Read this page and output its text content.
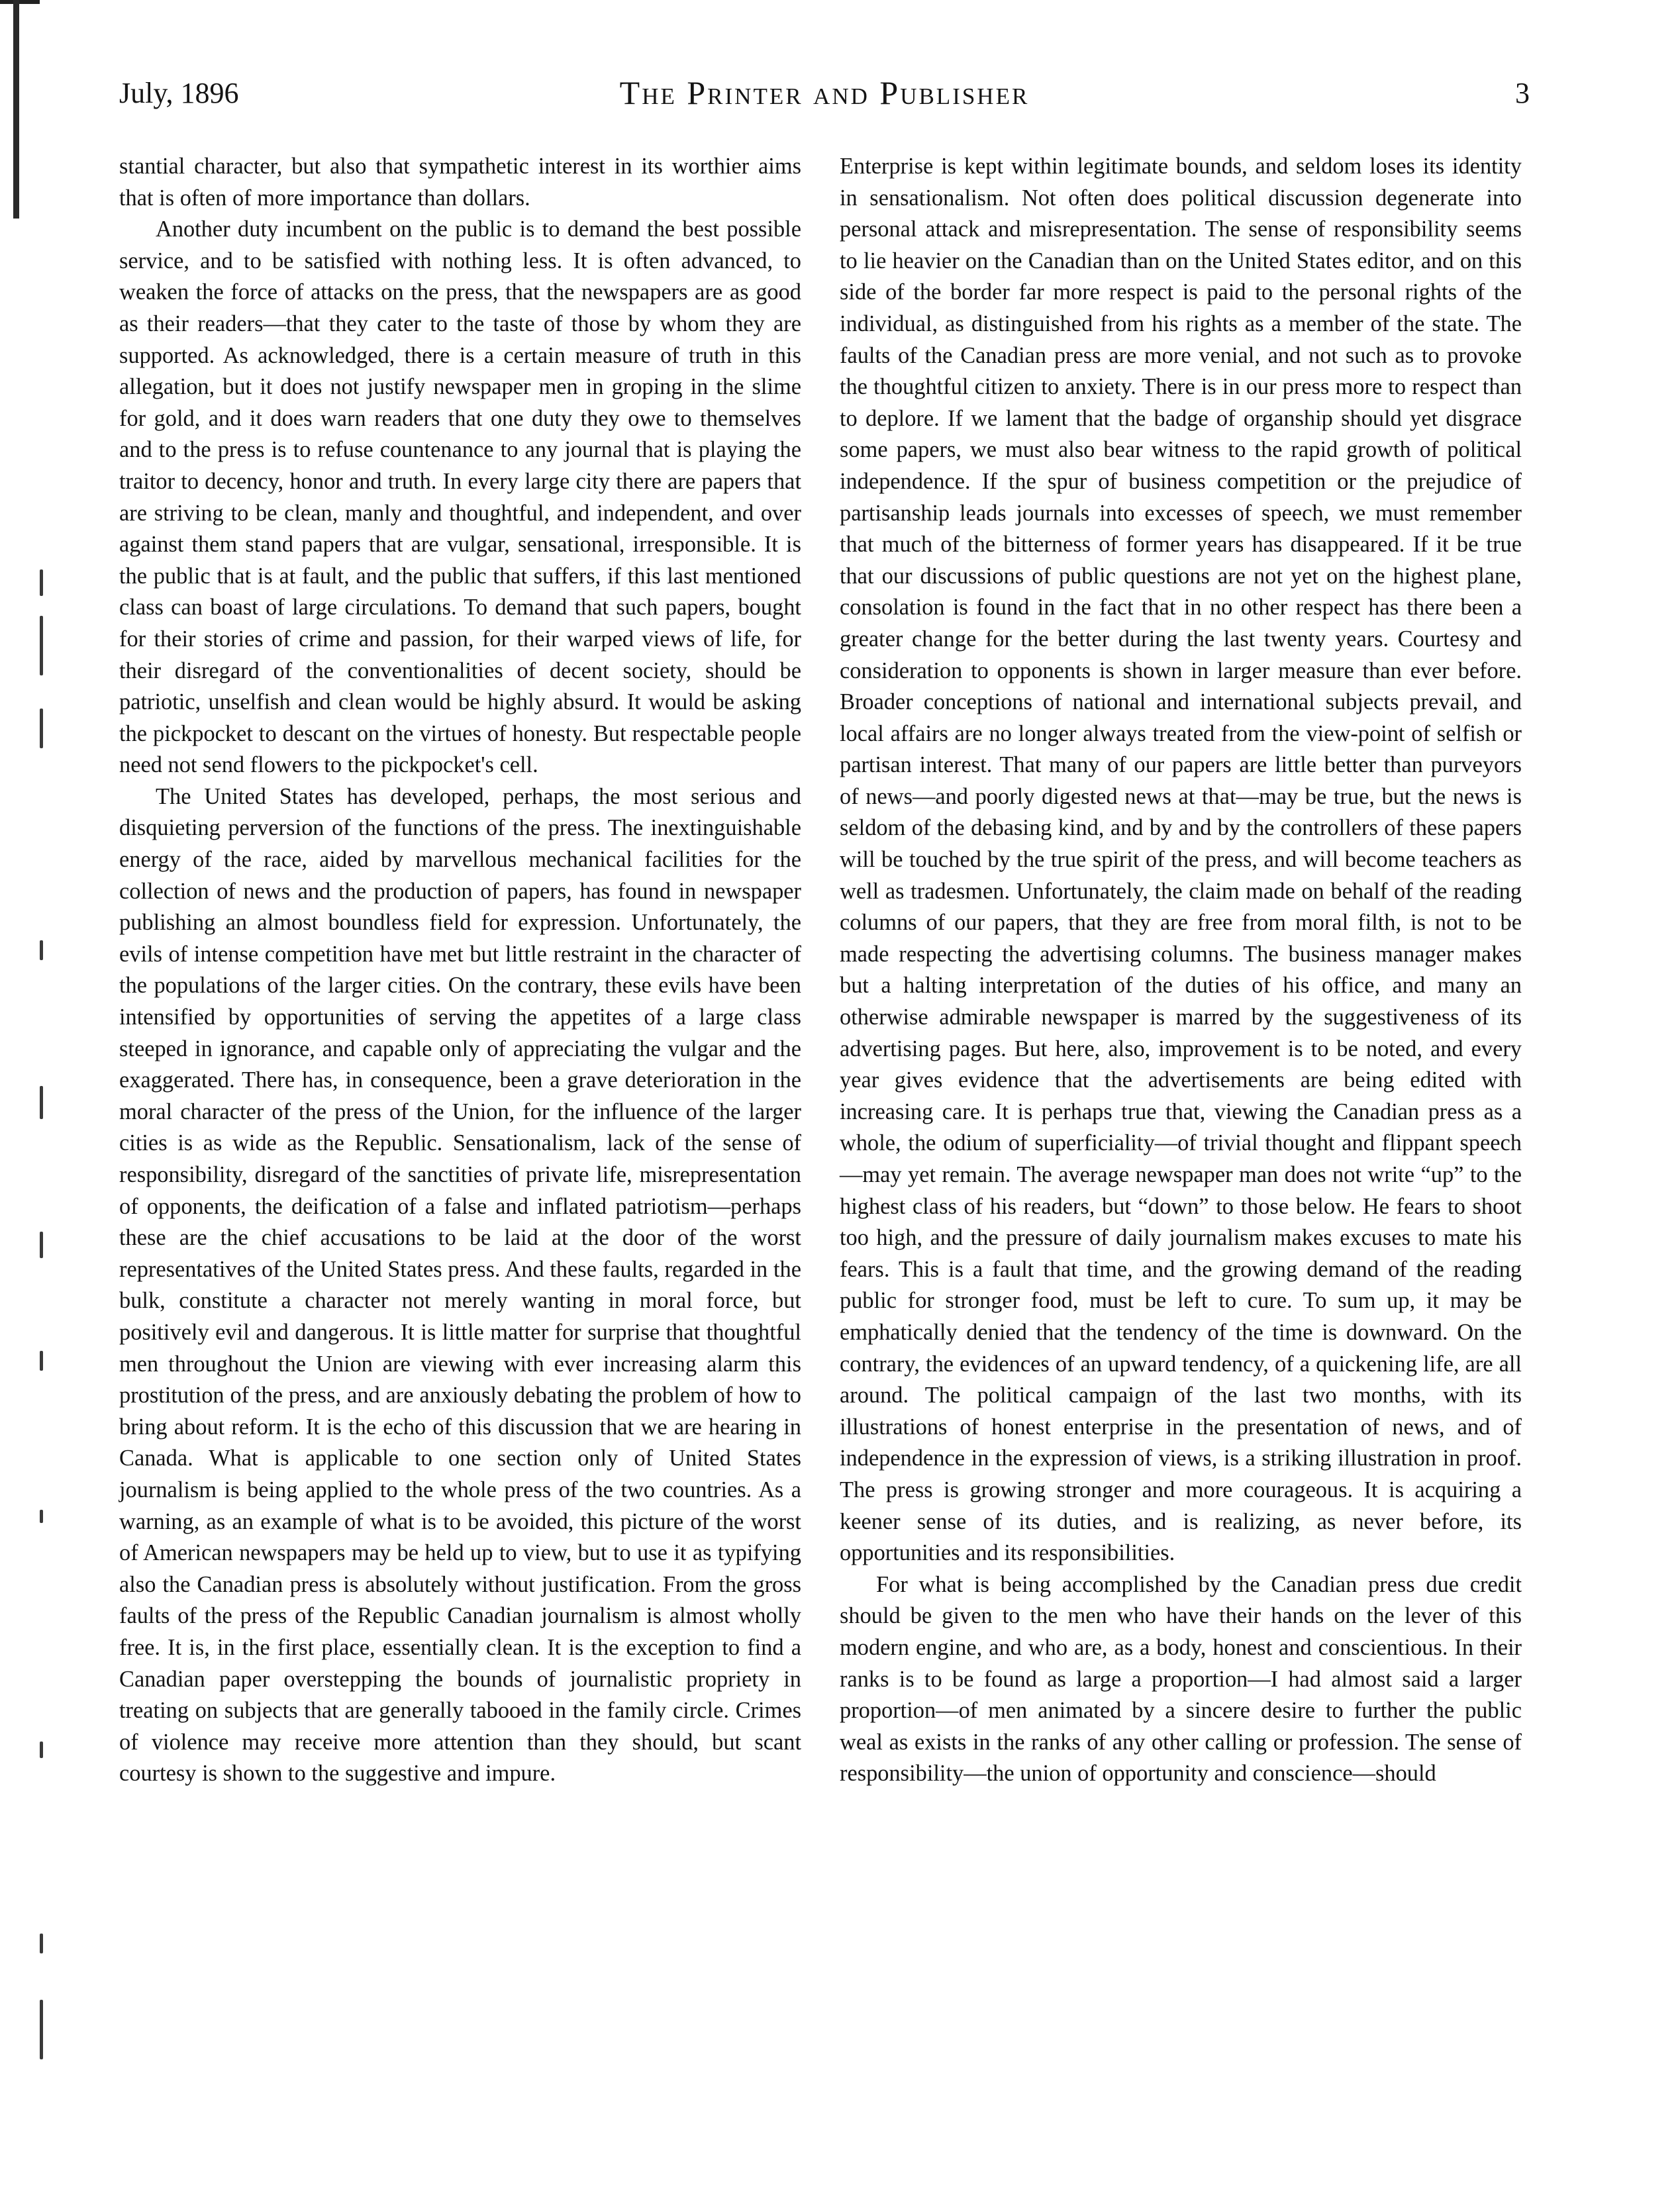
July, 1896	The Printer and Publisher	3

stantial character, but also that sympathetic interest in its worthier aims that is often of more importance than dollars.

Another duty incumbent on the public is to demand the best possible service, and to be satisfied with nothing less. It is often advanced, to weaken the force of attacks on the press, that the newspapers are as good as their readers—that they cater to the taste of those by whom they are supported. As acknowledged, there is a certain measure of truth in this allegation, but it does not justify newspaper men in groping in the slime for gold, and it does warn readers that one duty they owe to themselves and to the press is to refuse countenance to any journal that is playing the traitor to decency, honor and truth. In every large city there are papers that are striving to be clean, manly and thoughtful, and independent, and over against them stand papers that are vulgar, sensational, irresponsible. It is the public that is at fault, and the public that suffers, if this last mentioned class can boast of large circulations. To demand that such papers, bought for their stories of crime and passion, for their warped views of life, for their disregard of the conventionalities of decent society, should be patriotic, unselfish and clean would be highly absurd. It would be asking the pickpocket to descant on the virtues of honesty. But respectable people need not send flowers to the pickpocket's cell.

The United States has developed, perhaps, the most serious and disquieting perversion of the functions of the press. The inextinguishable energy of the race, aided by marvellous mechanical facilities for the collection of news and the production of papers, has found in newspaper publishing an almost boundless field for expression. Unfortunately, the evils of intense competition have met but little restraint in the character of the populations of the larger cities. On the contrary, these evils have been intensified by opportunities of serving the appetites of a large class steeped in ignorance, and capable only of appreciating the vulgar and the exaggerated. There has, in consequence, been a grave deterioration in the moral character of the press of the Union, for the influence of the larger cities is as wide as the Republic. Sensationalism, lack of the sense of responsibility, disregard of the sanctities of private life, misrepresentation of opponents, the deification of a false and inflated patriotism—perhaps these are the chief accusations to be laid at the door of the worst representatives of the United States press. And these faults, regarded in the bulk, constitute a character not merely wanting in moral force, but positively evil and dangerous. It is little matter for surprise that thoughtful men throughout the Union are viewing with ever increasing alarm this prostitution of the press, and are anxiously debating the problem of how to bring about reform. It is the echo of this discussion that we are hearing in Canada. What is applicable to one section only of United States journalism is being applied to the whole press of the two countries. As a warning, as an example of what is to be avoided, this picture of the worst of American newspapers may be held up to view, but to use it as typifying also the Canadian press is absolutely without justification. From the gross faults of the press of the Republic Canadian journalism is almost wholly free. It is, in the first place, essentially clean. It is the exception to find a Canadian paper overstepping the bounds of journalistic propriety in treating on subjects that are generally tabooed in the family circle. Crimes of violence may receive more attention than they should, but scant courtesy is shown to the suggestive and impure.

Enterprise is kept within legitimate bounds, and seldom loses its identity in sensationalism. Not often does political discussion degenerate into personal attack and misrepresentation. The sense of responsibility seems to lie heavier on the Canadian than on the United States editor, and on this side of the border far more respect is paid to the personal rights of the individual, as distinguished from his rights as a member of the state. The faults of the Canadian press are more venial, and not such as to provoke the thoughtful citizen to anxiety. There is in our press more to respect than to deplore. If we lament that the badge of organship should yet disgrace some papers, we must also bear witness to the rapid growth of political independence. If the spur of business competition or the prejudice of partisanship leads journals into excesses of speech, we must remember that much of the bitterness of former years has disappeared. If it be true that our discussions of public questions are not yet on the highest plane, consolation is found in the fact that in no other respect has there been a greater change for the better during the last twenty years. Courtesy and consideration to opponents is shown in larger measure than ever before. Broader conceptions of national and international subjects prevail, and local affairs are no longer always treated from the view-point of selfish or partisan interest. That many of our papers are little better than purveyors of news—and poorly digested news at that—may be true, but the news is seldom of the debasing kind, and by and by the controllers of these papers will be touched by the true spirit of the press, and will become teachers as well as tradesmen. Unfortunately, the claim made on behalf of the reading columns of our papers, that they are free from moral filth, is not to be made respecting the advertising columns. The business manager makes but a halting interpretation of the duties of his office, and many an otherwise admirable newspaper is marred by the suggestiveness of its advertising pages. But here, also, improvement is to be noted, and every year gives evidence that the advertisements are being edited with increasing care. It is perhaps true that, viewing the Canadian press as a whole, the odium of superficiality—of trivial thought and flippant speech—may yet remain. The average newspaper man does not write “up” to the highest class of his readers, but “down” to those below. He fears to shoot too high, and the pressure of daily journalism makes excuses to mate his fears. This is a fault that time, and the growing demand of the reading public for stronger food, must be left to cure. To sum up, it may be emphatically denied that the tendency of the time is downward. On the contrary, the evidences of an upward tendency, of a quickening life, are all around. The political campaign of the last two months, with its illustrations of honest enterprise in the presentation of news, and of independence in the expression of views, is a striking illustration in proof. The press is growing stronger and more courageous. It is acquiring a keener sense of its duties, and is realizing, as never before, its opportunities and its responsibilities.

For what is being accomplished by the Canadian press due credit should be given to the men who have their hands on the lever of this modern engine, and who are, as a body, honest and conscientious. In their ranks is to be found as large a proportion—I had almost said a larger proportion—of men animated by a sincere desire to further the public weal as exists in the ranks of any other calling or profession. The sense of responsibility—the union of opportunity and conscience—should
